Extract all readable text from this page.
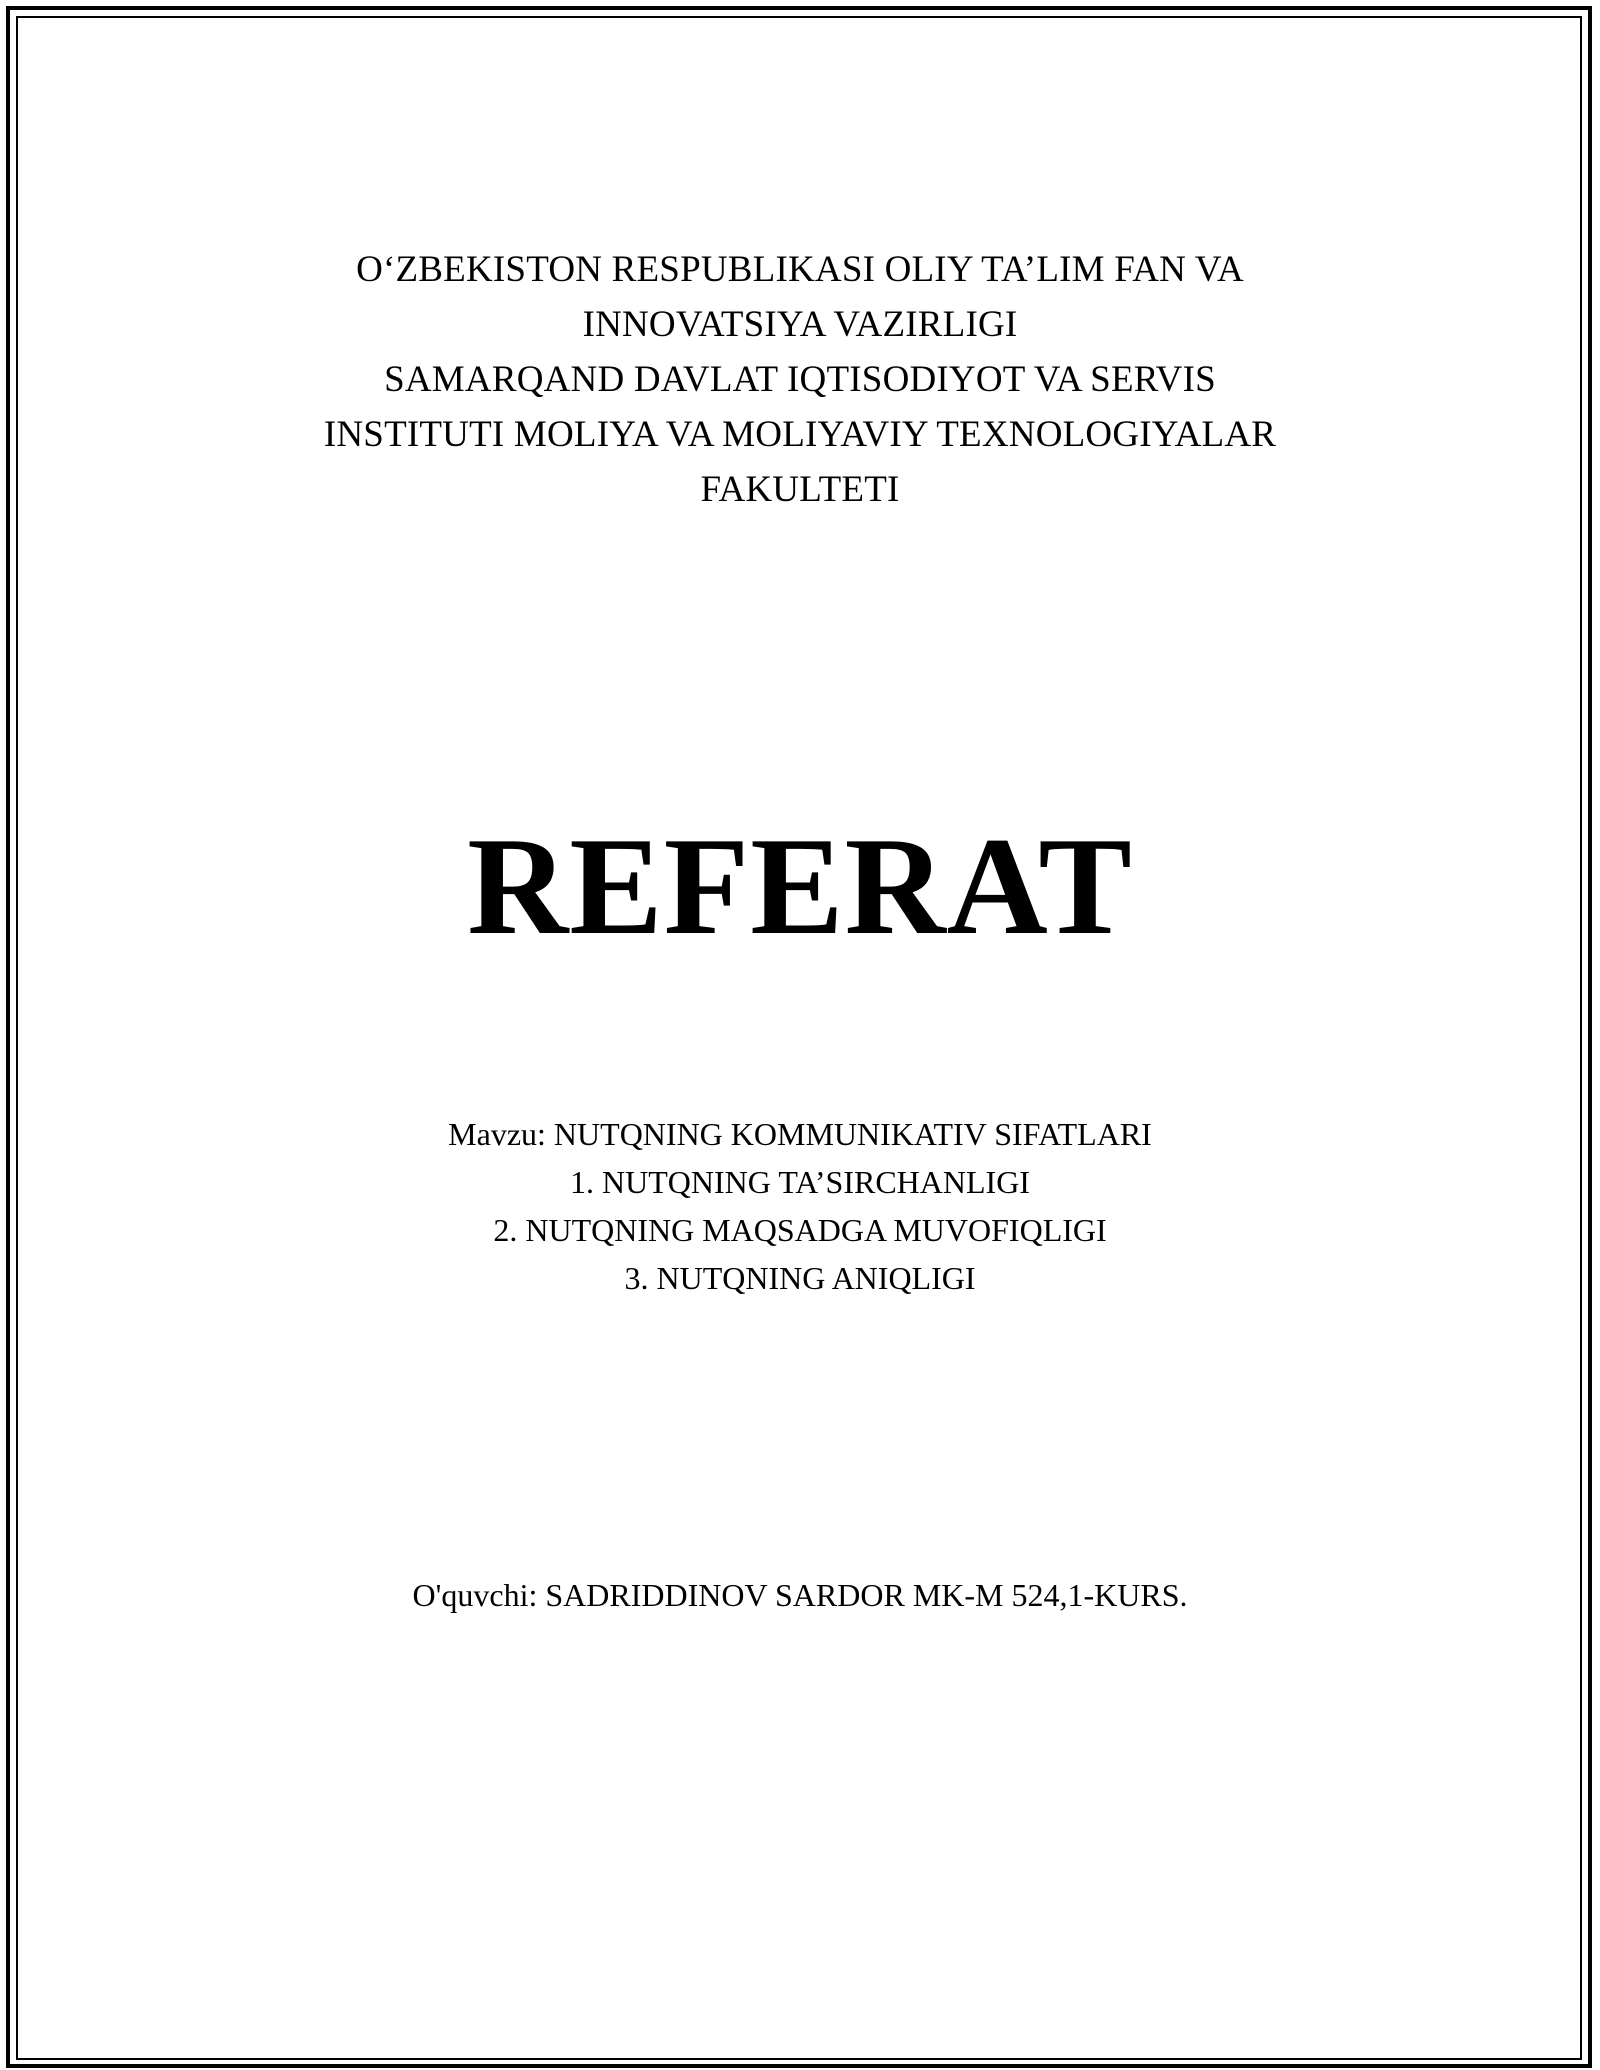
O‘ZBEKISTON RESPUBLIKASI OLIY TA’LIM FAN VA
INNOVATSIYA VAZIRLIGI
SAMARQAND DAVLAT IQTISODIYOT VA SERVIS
INSTITUTI MOLIYA VA MOLIYAVIY TEXNOLOGIYALAR
FAKULTETI
REFERAT
Mavzu: NUTQNING KOMMUNIKATIV SIFATLARI
1. NUTQNING TA’SIRCHANLIGI
2. NUTQNING MAQSADGA MUVOFIQLIGI
3. NUTQNING ANIQLIGI
O'quvchi: SADRIDDINOV SARDOR MK-M 524,1-KURS.
